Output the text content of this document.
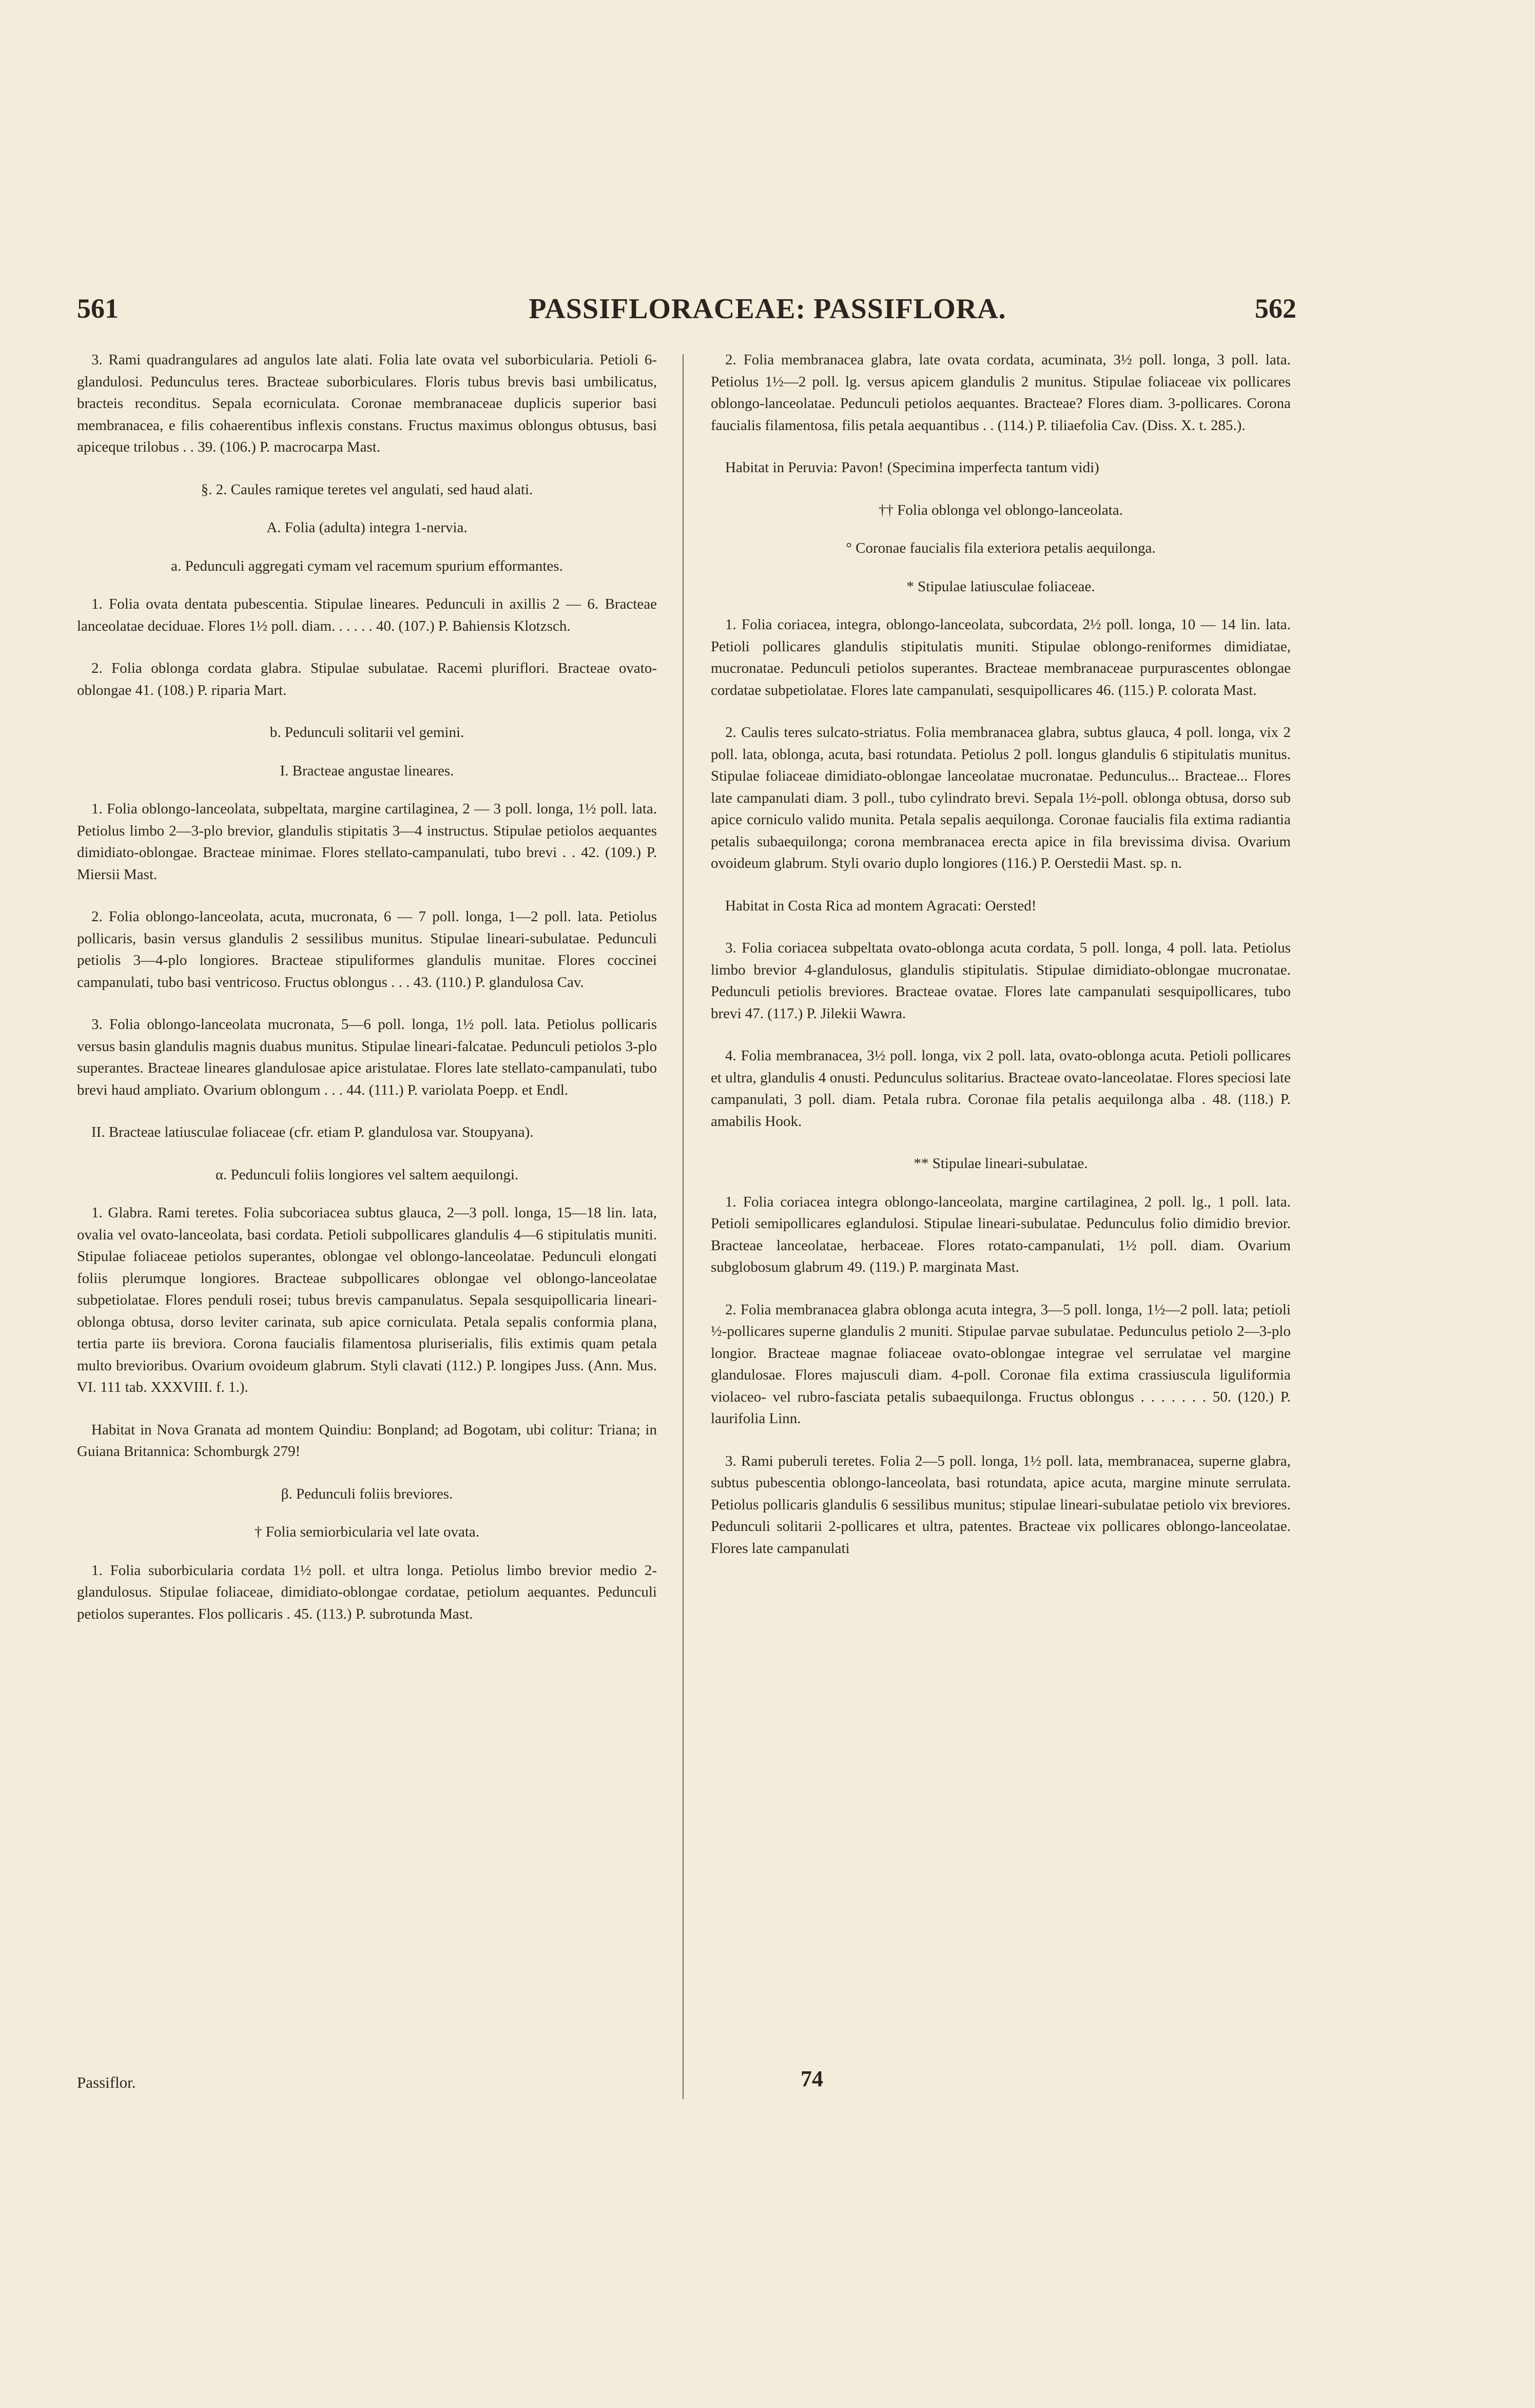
561	PASSIFLORACEAE: PASSIFLORA.	562
3. Rami quadrangulares ad angulos late alati. Folia late ovata vel suborbicularia. Petioli 6-glandulosi. Pedunculus teres. Bracteae suborbiculares. Floris tubus brevis basi umbilicatus, bracteis reconditus. Sepala ecorniculata. Coronae membranaceae duplicis superior basi membranacea, e filis cohaerentibus inflexis constans. Fructus maximus oblongus obtusus, basi apiceque trilobus . . 39. (106.) P. macrocarpa Mast.
§. 2. Caules ramique teretes vel angulati, sed haud alati.
A. Folia (adulta) integra 1-nervia.
a. Pedunculi aggregati cymam vel racemum spurium efformantes.
1. Folia ovata dentata pubescentia. Stipulae lineares. Pedunculi in axillis 2 — 6. Bracteae lanceolatae deciduae. Flores 1½ poll. diam. . . . . . 40. (107.) P. Bahiensis Klotzsch.
2. Folia oblonga cordata glabra. Stipulae subulatae. Racemi pluriflori. Bracteae ovato-oblongae 41. (108.) P. riparia Mart.
b. Pedunculi solitarii vel gemini.
I. Bracteae angustae lineares.
1. Folia oblongo-lanceolata, subpeltata, margine cartilaginea, 2 — 3 poll. longa, 1½ poll. lata. Petiolus limbo 2—3-plo brevior, glandulis stipitatis 3—4 instructus. Stipulae petiolos aequantes dimidiato-oblongae. Bracteae minimae. Flores stellato-campanulati, tubo brevi . . 42. (109.) P. Miersii Mast.
2. Folia oblongo-lanceolata, acuta, mucronata, 6 — 7 poll. longa, 1—2 poll. lata. Petiolus pollicaris, basin versus glandulis 2 sessilibus munitus. Stipulae lineari-subulatae. Pedunculi petiolis 3—4-plo longiores. Bracteae stipuliformes glandulis munitae. Flores coccinei campanulati, tubo basi ventricoso. Fructus oblongus . . . 43. (110.) P. glandulosa Cav.
3. Folia oblongo-lanceolata mucronata, 5—6 poll. longa, 1½ poll. lata. Petiolus pollicaris versus basin glandulis magnis duabus munitus. Stipulae lineari-falcatae. Pedunculi petiolos 3-plo superantes. Bracteae lineares glandulosae apice aristulatae. Flores late stellato-campanulati, tubo brevi haud ampliato. Ovarium oblongum . . . 44. (111.) P. variolata Poepp. et Endl.
II. Bracteae latiusculae foliaceae (cfr. etiam P. glandulosa var. Stoupyana).
α. Pedunculi foliis longiores vel saltem aequilongi.
1. Glabra. Rami teretes. Folia subcoriacea subtus glauca, 2—3 poll. longa, 15—18 lin. lata, ovalia vel ovato-lanceolata, basi cordata. Petioli subpollicares glandulis 4—6 stipitulatis muniti. Stipulae foliaceae petiolos superantes, oblongae vel oblongo-lanceolatae. Pedunculi elongati foliis plerumque longiores. Bracteae subpollicares oblongae vel oblongo-lanceolatae subpetiolatae. Flores penduli rosei; tubus brevis campanulatus. Sepala sesquipollicaria lineari-oblonga obtusa, dorso leviter carinata, sub apice corniculata. Petala sepalis conformia plana, tertia parte iis breviora. Corona faucialis filamentosa pluriserialis, filis extimis quam petala multo brevioribus. Ovarium ovoideum glabrum. Styli clavati (112.) P. longipes Juss. (Ann. Mus. VI. 111 tab. XXXVIII. f. 1.).
Habitat in Nova Granata ad montem Quindiu: Bonpland; ad Bogotam, ubi colitur: Triana; in Guiana Britannica: Schomburgk 279!
β. Pedunculi foliis breviores.
† Folia semiorbicularia vel late ovata.
1. Folia suborbicularia cordata 1½ poll. et ultra longa. Petiolus limbo brevior medio 2-glandulosus. Stipulae foliaceae, dimidiato-oblongae cordatae, petiolum aequantes. Pedunculi petiolos superantes. Flos pollicaris . 45. (113.) P. subrotunda Mast.
2. Folia membranacea glabra, late ovata cordata, acuminata, 3½ poll. longa, 3 poll. lata. Petiolus 1½—2 poll. lg. versus apicem glandulis 2 munitus. Stipulae foliaceae vix pollicares oblongo-lanceolatae. Pedunculi petiolos aequantes. Bracteae? Flores diam. 3-pollicares. Corona faucialis filamentosa, filis petala aequantibus . . (114.) P. tiliaefolia Cav. (Diss. X. t. 285.).
Habitat in Peruvia: Pavon! (Specimina imperfecta tantum vidi)
†† Folia oblonga vel oblongo-lanceolata.
° Coronae faucialis fila exteriora petalis aequilonga.
* Stipulae latiusculae foliaceae.
1. Folia coriacea, integra, oblongo-lanceolata, subcordata, 2½ poll. longa, 10 — 14 lin. lata. Petioli pollicares glandulis stipitulatis muniti. Stipulae oblongo-reniformes dimidiatae, mucronatae. Pedunculi petiolos superantes. Bracteae membranaceae purpurascentes oblongae cordatae subpetiolatae. Flores late campanulati, sesquipollicares 46. (115.) P. colorata Mast.
2. Caulis teres sulcato-striatus. Folia membranacea glabra, subtus glauca, 4 poll. longa, vix 2 poll. lata, oblonga, acuta, basi rotundata. Petiolus 2 poll. longus glandulis 6 stipitulatis munitus. Stipulae foliaceae dimidiato-oblongae lanceolatae mucronatae. Pedunculus... Bracteae... Flores late campanulati diam. 3 poll., tubo cylindrato brevi. Sepala 1½-poll. oblonga obtusa, dorso sub apice corniculo valido munita. Petala sepalis aequilonga. Coronae faucialis fila extima radiantia petalis subaequilonga; corona membranacea erecta apice in fila brevissima divisa. Ovarium ovoideum glabrum. Styli ovario duplo longiores (116.) P. Oerstedii Mast. sp. n.
Habitat in Costa Rica ad montem Agracati: Oersted!
3. Folia coriacea subpeltata ovato-oblonga acuta cordata, 5 poll. longa, 4 poll. lata. Petiolus limbo brevior 4-glandulosus, glandulis stipitulatis. Stipulae dimidiato-oblongae mucronatae. Pedunculi petiolis breviores. Bracteae ovatae. Flores late campanulati sesquipollicares, tubo brevi 47. (117.) P. Jilekii Wawra.
4. Folia membranacea, 3½ poll. longa, vix 2 poll. lata, ovato-oblonga acuta. Petioli pollicares et ultra, glandulis 4 onusti. Pedunculus solitarius. Bracteae ovato-lanceolatae. Flores speciosi late campanulati, 3 poll. diam. Petala rubra. Coronae fila petalis aequilonga alba . 48. (118.) P. amabilis Hook.
** Stipulae lineari-subulatae.
1. Folia coriacea integra oblongo-lanceolata, margine cartilaginea, 2 poll. lg., 1 poll. lata. Petioli semipollicares eglandulosi. Stipulae lineari-subulatae. Pedunculus folio dimidio brevior. Bracteae lanceolatae, herbaceae. Flores rotato-campanulati, 1½ poll. diam. Ovarium subglobosum glabrum 49. (119.) P. marginata Mast.
2. Folia membranacea glabra oblonga acuta integra, 3—5 poll. longa, 1½—2 poll. lata; petioli ½-pollicares superne glandulis 2 muniti. Stipulae parvae subulatae. Pedunculus petiolo 2—3-plo longior. Bracteae magnae foliaceae ovato-oblongae integrae vel serrulatae vel margine glandulosae. Flores majusculi diam. 4-poll. Coronae fila extima crassiuscula liguliformia violaceo- vel rubro-fasciata petalis subaequilonga. Fructus oblongus . . . . . . . 50. (120.) P. laurifolia Linn.
3. Rami puberuli teretes. Folia 2—5 poll. longa, 1½ poll. lata, membranacea, superne glabra, subtus pubescentia oblongo-lanceolata, basi rotundata, apice acuta, margine minute serrulata. Petiolus pollicaris glandulis 6 sessilibus munitus; stipulae lineari-subulatae petiolo vix breviores. Pedunculi solitarii 2-pollicares et ultra, patentes. Bracteae vix pollicares oblongo-lanceolatae. Flores late campanulati
Passiflor.	74
